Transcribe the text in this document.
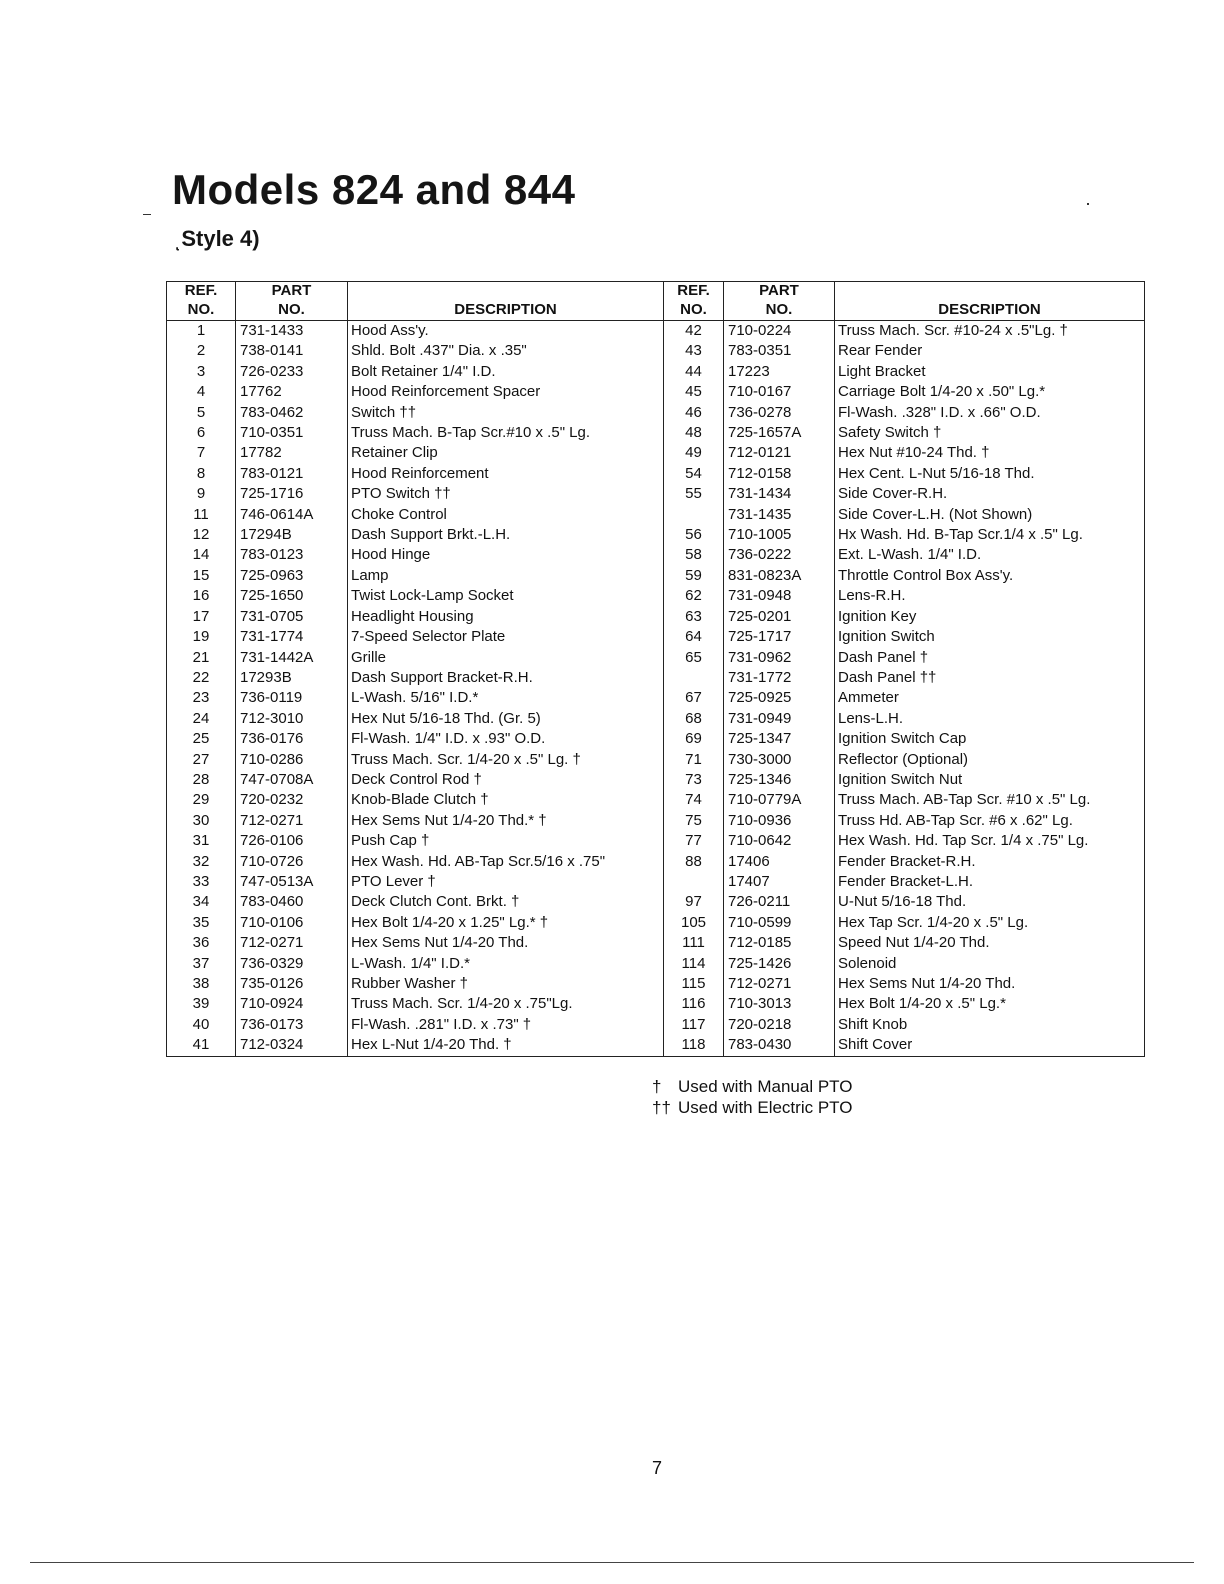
Models 824 and 844
ͺStyle 4)
REF.	PART		REF.	PART	
NO.	NO.	DESCRIPTION	NO.	NO.	DESCRIPTION
1	731-1433	Hood Ass'y.	42	710-0224	Truss Mach. Scr. #10-24 x .5"Lg. †
2	738-0141	Shld. Bolt .437" Dia. x .35"	43	783-0351	Rear Fender
3	726-0233	Bolt Retainer 1/4" I.D.	44	17223	Light Bracket
4	17762	Hood Reinforcement Spacer	45	710-0167	Carriage Bolt 1/4-20 x .50" Lg.*
5	783-0462	Switch ††	46	736-0278	Fl-Wash. .328" I.D. x .66" O.D.
6	710-0351	Truss Mach. B-Tap Scr.#10 x .5" Lg.	48	725-1657A	Safety Switch †
7	17782	Retainer Clip	49	712-0121	Hex Nut #10-24 Thd. †
8	783-0121	Hood Reinforcement	54	712-0158	Hex Cent. L-Nut 5/16-18 Thd.
9	725-1716	PTO Switch ††	55	731-1434	Side Cover-R.H.
11	746-0614A	Choke Control		731-1435	Side Cover-L.H. (Not Shown)
12	17294B	Dash Support Brkt.-L.H.	56	710-1005	Hx Wash. Hd. B-Tap Scr.1/4 x .5" Lg.
14	783-0123	Hood Hinge	58	736-0222	Ext. L-Wash. 1/4" I.D.
15	725-0963	Lamp	59	831-0823A	Throttle Control Box Ass'y.
16	725-1650	Twist Lock-Lamp Socket	62	731-0948	Lens-R.H.
17	731-0705	Headlight Housing	63	725-0201	Ignition Key
19	731-1774	7-Speed Selector Plate	64	725-1717	Ignition Switch
21	731-1442A	Grille	65	731-0962	Dash Panel †
22	17293B	Dash Support Bracket-R.H.		731-1772	Dash Panel ††
23	736-0119	L-Wash. 5/16" I.D.*	67	725-0925	Ammeter
24	712-3010	Hex Nut 5/16-18 Thd. (Gr. 5)	68	731-0949	Lens-L.H.
25	736-0176	Fl-Wash. 1/4" I.D. x .93" O.D.	69	725-1347	Ignition Switch Cap
27	710-0286	Truss Mach. Scr. 1/4-20 x .5" Lg. †	71	730-3000	Reflector (Optional)
28	747-0708A	Deck Control Rod †	73	725-1346	Ignition Switch Nut
29	720-0232	Knob-Blade Clutch †	74	710-0779A	Truss Mach. AB-Tap Scr. #10 x .5" Lg.
30	712-0271	Hex Sems Nut 1/4-20 Thd.* †	75	710-0936	Truss Hd. AB-Tap Scr. #6 x .62" Lg.
31	726-0106	Push Cap †	77	710-0642	Hex Wash. Hd. Tap Scr. 1/4 x .75" Lg.
32	710-0726	Hex Wash. Hd. AB-Tap Scr.5/16 x .75"	88	17406	Fender Bracket-R.H.
33	747-0513A	PTO Lever †		17407	Fender Bracket-L.H.
34	783-0460	Deck Clutch Cont. Brkt. †	97	726-0211	U-Nut 5/16-18 Thd.
35	710-0106	Hex Bolt 1/4-20 x 1.25" Lg.* †	105	710-0599	Hex Tap Scr. 1/4-20 x .5" Lg.
36	712-0271	Hex Sems Nut 1/4-20 Thd.	111	712-0185	Speed Nut 1/4-20 Thd.
37	736-0329	L-Wash. 1/4" I.D.*	114	725-1426	Solenoid
38	735-0126	Rubber Washer †	115	712-0271	Hex Sems Nut 1/4-20 Thd.
39	710-0924	Truss Mach. Scr. 1/4-20 x .75"Lg.	116	710-3013	Hex Bolt 1/4-20 x .5" Lg.*
40	736-0173	Fl-Wash. .281" I.D. x .73" †	117	720-0218	Shift Knob
41	712-0324	Hex L-Nut 1/4-20 Thd. †	118	783-0430	Shift Cover
† Used with Manual PTO
†† Used with Electric PTO
7
